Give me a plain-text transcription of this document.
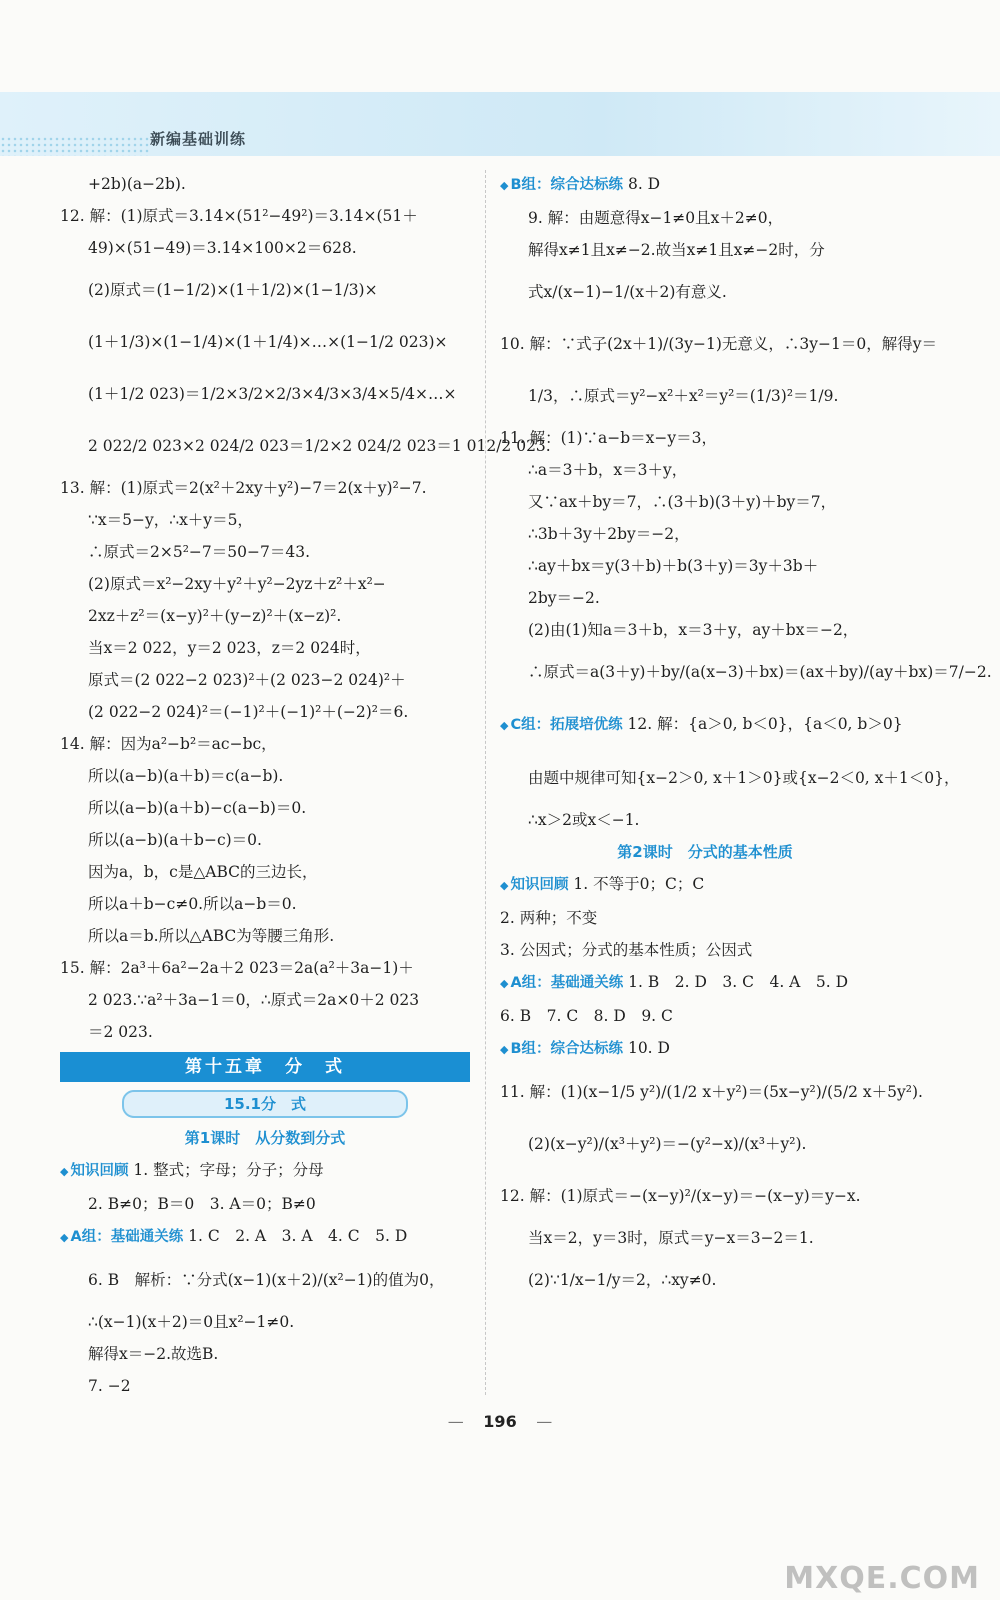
新编基础训练
+2b)(a−2b).
12. 解：(1)原式＝3.14×(51²−49²)＝3.14×(51＋
49)×(51−49)＝3.14×100×2＝628.
(2)原式＝(1−1/2)×(1＋1/2)×(1−1/3)×
(1＋1/3)×(1−1/4)×(1＋1/4)×…×(1−1/2 023)×
(1＋1/2 023)＝1/2×3/2×2/3×4/3×3/4×5/4×…×
2 022/2 023×2 024/2 023＝1/2×2 024/2 023＝1 012/2 023.
13. 解：(1)原式＝2(x²＋2xy＋y²)−7＝2(x＋y)²−7.
∵x＝5−y，∴x＋y＝5，
∴原式＝2×5²−7＝50−7＝43.
(2)原式＝x²−2xy＋y²＋y²−2yz＋z²＋x²−
2xz＋z²＝(x−y)²＋(y−z)²＋(x−z)².
当x＝2 022，y＝2 023，z＝2 024时，
原式＝(2 022−2 023)²＋(2 023−2 024)²＋
(2 022−2 024)²＝(−1)²＋(−1)²＋(−2)²＝6.
14. 解：因为a²−b²＝ac−bc，
所以(a−b)(a＋b)＝c(a−b).
所以(a−b)(a＋b)−c(a−b)＝0.
所以(a−b)(a＋b−c)＝0.
因为a，b，c是△ABC的三边长，
所以a＋b−c≠0.所以a−b＝0.
所以a＝b.所以△ABC为等腰三角形.
15. 解：2a³＋6a²−2a＋2 023＝2a(a²＋3a−1)＋
2 023.∵a²＋3a−1＝0，∴原式＝2a×0＋2 023
＝2 023.
第十五章　分　式
15.1分　式
第1课时　从分数到分式
◆ 知识回顾 1. 整式；字母；分子；分母
2. B≠0；B＝0　3. A＝0；B≠0
◆ A组：基础通关练 1. C　2. A　3. A　4. C　5. D
6. B　解析：∵分式(x−1)(x＋2)/(x²−1)的值为0，
∴(x−1)(x＋2)＝0且x²−1≠0.
解得x＝−2.故选B.
7. −2
◆ B组：综合达标练 8. D
9. 解：由题意得x−1≠0且x＋2≠0，
解得x≠1且x≠−2.故当x≠1且x≠−2时，分
式x/(x−1)−1/(x＋2)有意义.
10. 解：∵式子(2x＋1)/(3y−1)无意义，∴3y−1＝0，解得y＝
1/3，∴原式＝y²−x²＋x²＝y²＝(1/3)²＝1/9.
11. 解：(1)∵a−b＝x−y＝3，
∴a＝3＋b，x＝3＋y，
又∵ax＋by＝7，∴(3＋b)(3＋y)＋by＝7，
∴3b＋3y＋2by＝−2，
∴ay＋bx＝y(3＋b)＋b(3＋y)＝3y＋3b＋
2by＝−2.
(2)由(1)知a＝3＋b，x＝3＋y，ay＋bx＝−2，
∴原式＝a(3＋y)＋by/(a(x−3)＋bx)＝(ax＋by)/(ay＋bx)＝7/−2.
◆ C组：拓展培优练 12. 解：{a＞0, b＜0}，{a＜0, b＞0}
由题中规律可知{x−2＞0, x＋1＞0}或{x−2＜0, x＋1＜0}，
∴x＞2或x＜−1.
第2课时　分式的基本性质
◆ 知识回顾 1. 不等于0；C；C
2. 两种；不变
3. 公因式；分式的基本性质；公因式
◆ A组：基础通关练 1. B　2. D　3. C　4. A　5. D
6. B　7. C　8. D　9. C
◆ B组：综合达标练 10. D
11. 解：(1)(x−1/5 y²)/(1/2 x＋y²)＝(5x−y²)/(5/2 x＋5y²).
(2)(x−y²)/(x³＋y²)＝−(y²−x)/(x³＋y²).
12. 解：(1)原式＝−(x−y)²/(x−y)＝−(x−y)＝y−x.
当x＝2，y＝3时，原式＝y−x＝3−2＝1.
(2)∵1/x−1/y＝2，∴xy≠0.
— 196 —
MXQE.COM
